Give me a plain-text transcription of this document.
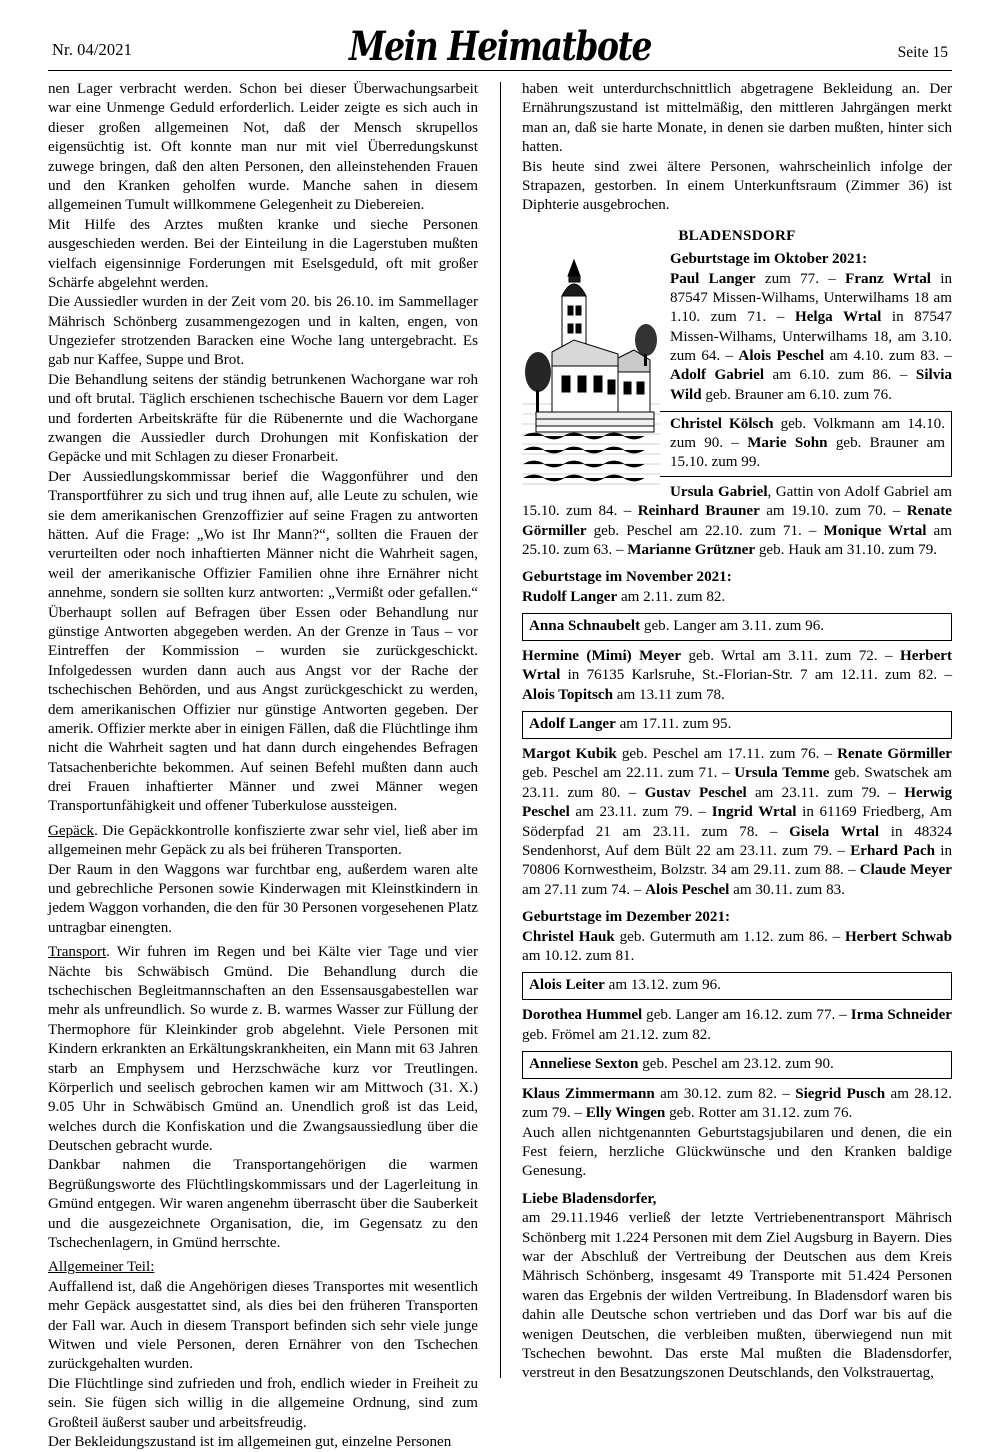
Nr. 04/2021	Mein Heimatbote	Seite 15

nen Lager verbracht werden. Schon bei dieser Überwachungsarbeit war eine Unmenge Geduld erforderlich. Leider zeigte es sich auch in dieser großen allgemeinen Not, daß der Mensch skrupellos eigensüchtig ist. Oft konnte man nur mit viel Überredungskunst zuwege bringen, daß den alten Personen, den alleinstehenden Frauen und den Kranken geholfen wurde. Manche sahen in diesem allgemeinen Tumult willkommene Gelegenheit zu Diebereien.

Mit Hilfe des Arztes mußten kranke und sieche Personen ausgeschieden werden. Bei der Einteilung in die Lagerstuben mußten vielfach eigensinnige Forderungen mit Eselsgeduld, oft mit großer Schärfe abgelehnt werden.

Die Aussiedler wurden in der Zeit vom 20. bis 26.10. im Sammellager Mährisch Schönberg zusammengezogen und in kalten, engen, von Ungeziefer strotzenden Baracken eine Woche lang untergebracht. Es gab nur Kaffee, Suppe und Brot.

Die Behandlung seitens der ständig betrunkenen Wachorgane war roh und oft brutal. Täglich erschienen tschechische Bauern vor dem Lager und forderten Arbeitskräfte für die Rübenernte und die Wachorgane zwangen die Aussiedler durch Drohungen mit Konfiskation der Gepäcke und mit Schlagen zu dieser Fronarbeit.

Der Aussiedlungskommissar berief die Waggonführer und den Transportführer zu sich und trug ihnen auf, alle Leute zu schulen, wie sie dem amerikanischen Grenzoffizier auf seine Fragen zu antworten hätten. Auf die Frage: „Wo ist Ihr Mann?“, sollten die Frauen der verurteilten oder noch inhaftierten Männer nicht die Wahrheit sagen, weil der amerikanische Offizier Familien ohne ihre Ernährer nicht annehme, sondern sie sollten kurz antworten: „Vermißt oder gefallen.“ Überhaupt sollen auf Befragen über Essen oder Behandlung nur günstige Antworten abgegeben werden. An der Grenze in Taus – vor Eintreffen der Kommission – wurden sie zurückgeschickt. Infolgedessen wurden dann auch aus Angst vor der Rache der tschechischen Behörden, und aus Angst zurückgeschickt zu werden, dem amerikanischen Offizier nur günstige Antworten gegeben. Der amerik. Offizier merkte aber in einigen Fällen, daß die Flüchtlinge ihm nicht die Wahrheit sagten und hat dann durch eingehendes Befragen Tatsachenberichte bekommen. Auf seinen Befehl mußten dann auch drei Frauen inhaftierter Männer und zwei Männer wegen Transportunfähigkeit und offener Tuberkulose aussteigen.

Gepäck. Die Gepäckkontrolle konfiszierte zwar sehr viel, ließ aber im allgemeinen mehr Gepäck zu als bei früheren Transporten.

Der Raum in den Waggons war furchtbar eng, außerdem waren alte und gebrechliche Personen sowie Kinderwagen mit Kleinstkindern in jedem Waggon vorhanden, die den für 30 Personen vorgesehenen Platz untragbar einengten.

Transport. Wir fuhren im Regen und bei Kälte vier Tage und vier Nächte bis Schwäbisch Gmünd. Die Behandlung durch die tschechischen Begleitmannschaften an den Essensausgabestellen war mehr als unfreundlich. So wurde z. B. warmes Wasser zur Füllung der Thermophore für Kleinkinder grob abgelehnt. Viele Personen mit Kindern erkrankten an Erkältungskrankheiten, ein Mann mit 63 Jahren starb an Emphysem und Herzschwäche kurz vor Treutlingen. Körperlich und seelisch gebrochen kamen wir am Mittwoch (31. X.) 9.05 Uhr in Schwäbisch Gmünd an. Unendlich groß ist das Leid, welches durch die Konfiskation und die Zwangsaussiedlung über die Deutschen gebracht wurde.

Dankbar nahmen die Transportangehörigen die warmen Begrüßungsworte des Flüchtlingskommissars und der Lagerleitung in Gmünd entgegen. Wir waren angenehm überrascht über die Sauberkeit und die ausgezeichnete Organisation, die, im Gegensatz zu den Tschechenlagern, in Gmünd herrschte.

Allgemeiner Teil:

Auffallend ist, daß die Angehörigen dieses Transportes mit wesentlich mehr Gepäck ausgestattet sind, als dies bei den früheren Transporten der Fall war. Auch in diesem Transport befinden sich sehr viele junge Witwen und viele Personen, deren Ernährer von den Tschechen zurückgehalten wurden.

Die Flüchtlinge sind zufrieden und froh, endlich wieder in Freiheit zu sein. Sie fügen sich willig in die allgemeine Ordnung, sind zum Großteil äußerst sauber und arbeitsfreudig.

Der Bekleidungszustand ist im allgemeinen gut, einzelne Personen

haben weit unterdurchschnittlich abgetragene Bekleidung an. Der Ernährungszustand ist mittelmäßig, den mittleren Jahrgängen merkt man an, daß sie harte Monate, in denen sie darben mußten, hinter sich hatten.

Bis heute sind zwei ältere Personen, wahrscheinlich infolge der Strapazen, gestorben. In einem Unterkunftsraum (Zimmer 36) ist Diphterie ausgebrochen.

BLADENSDORF

Geburtstage im Oktober 2021:

Paul Langer zum 77. – Franz Wrtal in 87547 Missen-Wilhams, Unterwilhams 18 am 1.10. zum 71. – Helga Wrtal in 87547 Missen-Wilhams, Unterwilhams 18, am 3.10. zum 64. – Alois Peschel am 4.10. zum 83. – Adolf Gabriel am 6.10. zum 86. – Silvia Wild geb. Brauner am 6.10. zum 76.

Christel Kölsch geb. Volkmann am 14.10. zum 90. – Marie Sohn geb. Brauner am 15.10. zum 99.

Ursula Gabriel, Gattin von Adolf Gabriel am 15.10. zum 84. – Reinhard Brauner am 19.10. zum 70. – Renate Görmiller geb. Peschel am 22.10. zum 71. – Monique Wrtal am 25.10. zum 63. – Marianne Grützner geb. Hauk am 31.10. zum 79.

Geburtstage im November 2021:

Rudolf Langer am 2.11. zum 82.

Anna Schnaubelt geb. Langer am 3.11. zum 96.

Hermine (Mimi) Meyer geb. Wrtal am 3.11. zum 72. – Herbert Wrtal in 76135 Karlsruhe, St.-Florian-Str. 7 am 12.11. zum 82. – Alois Topitsch am 13.11 zum 78.

Adolf Langer am 17.11. zum 95.

Margot Kubik geb. Peschel am 17.11. zum 76. – Renate Görmiller geb. Peschel am 22.11. zum 71. – Ursula Temme geb. Swatschek am 23.11. zum 80. – Gustav Peschel am 23.11. zum 79. – Herwig Peschel am 23.11. zum 79. – Ingrid Wrtal in 61169 Friedberg, Am Söderpfad 21 am 23.11. zum 78. – Gisela Wrtal in 48324 Sendenhorst, Auf dem Bült 22 am 23.11. zum 79. – Erhard Pach in 70806 Kornwestheim, Bolzstr. 34 am 29.11. zum 88. – Claude Meyer am 27.11 zum 74. – Alois Peschel am 30.11. zum 83.

Geburtstage im Dezember 2021:

Christel Hauk geb. Gutermuth am 1.12. zum 86. – Herbert Schwab am 10.12. zum 81.

Alois Leiter am 13.12. zum 96.

Dorothea Hummel geb. Langer am 16.12. zum 77. – Irma Schneider geb. Frömel am 21.12. zum 82.

Anneliese Sexton geb. Peschel am 23.12. zum 90.

Klaus Zimmermann am 30.12. zum 82. – Siegrid Pusch am 28.12. zum 79. – Elly Wingen geb. Rotter am 31.12. zum 76.

Auch allen nichtgenannten Geburtstagsjubilaren und denen, die ein Fest feiern, herzliche Glückwünsche und den Kranken baldige Genesung.

Liebe Bladensdorfer,

am 29.11.1946 verließ der letzte Vertriebenentransport Mährisch Schönberg mit 1.224 Personen mit dem Ziel Augsburg in Bayern. Dies war der Abschluß der Vertreibung der Deutschen aus dem Kreis Mährisch Schönberg, insgesamt 49 Transporte mit 51.424 Personen waren das Ergebnis der wilden Vertreibung. In Bladensdorf waren bis dahin alle Deutsche schon vertrieben und das Dorf war bis auf die wenigen Deutschen, die verbleiben mußten, überwiegend nun mit Tschechen bewohnt. Das erste Mal mußten die Bladensdorfer, verstreut in den Besatzungszonen Deutschlands, den Volkstrauertag,
